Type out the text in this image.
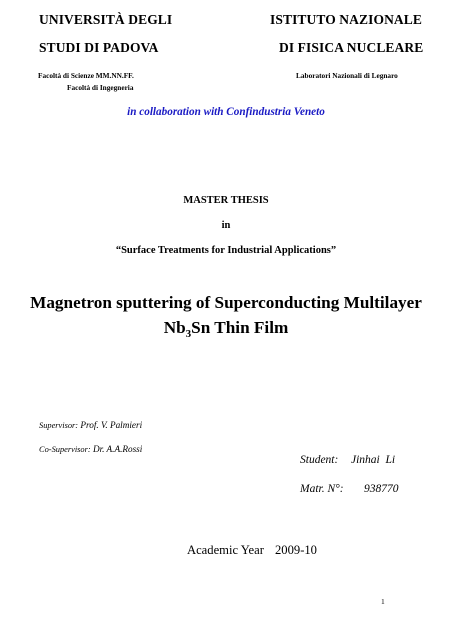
UNIVERSITÀ DEGLI
STUDI DI PADOVA
Facoltà di Scienze MM.NN.FF.
Facoltà di Ingegneria
ISTITUTO NAZIONALE
DI FISICA NUCLEARE
Laboratori Nazionali di Legnaro
in collaboration with Confindustria Veneto
MASTER THESIS
in
“Surface Treatments for Industrial Applications”
Magnetron sputtering of Superconducting Multilayer
$Nb_3Sn$ Thin Film
Supervisor: Prof. V. Palmieri
Co-Supervisor: Dr. A.A.Rossi
Student: Jinhai  Li
Matr. N°: 938770
Academic Year 2009-10
1
